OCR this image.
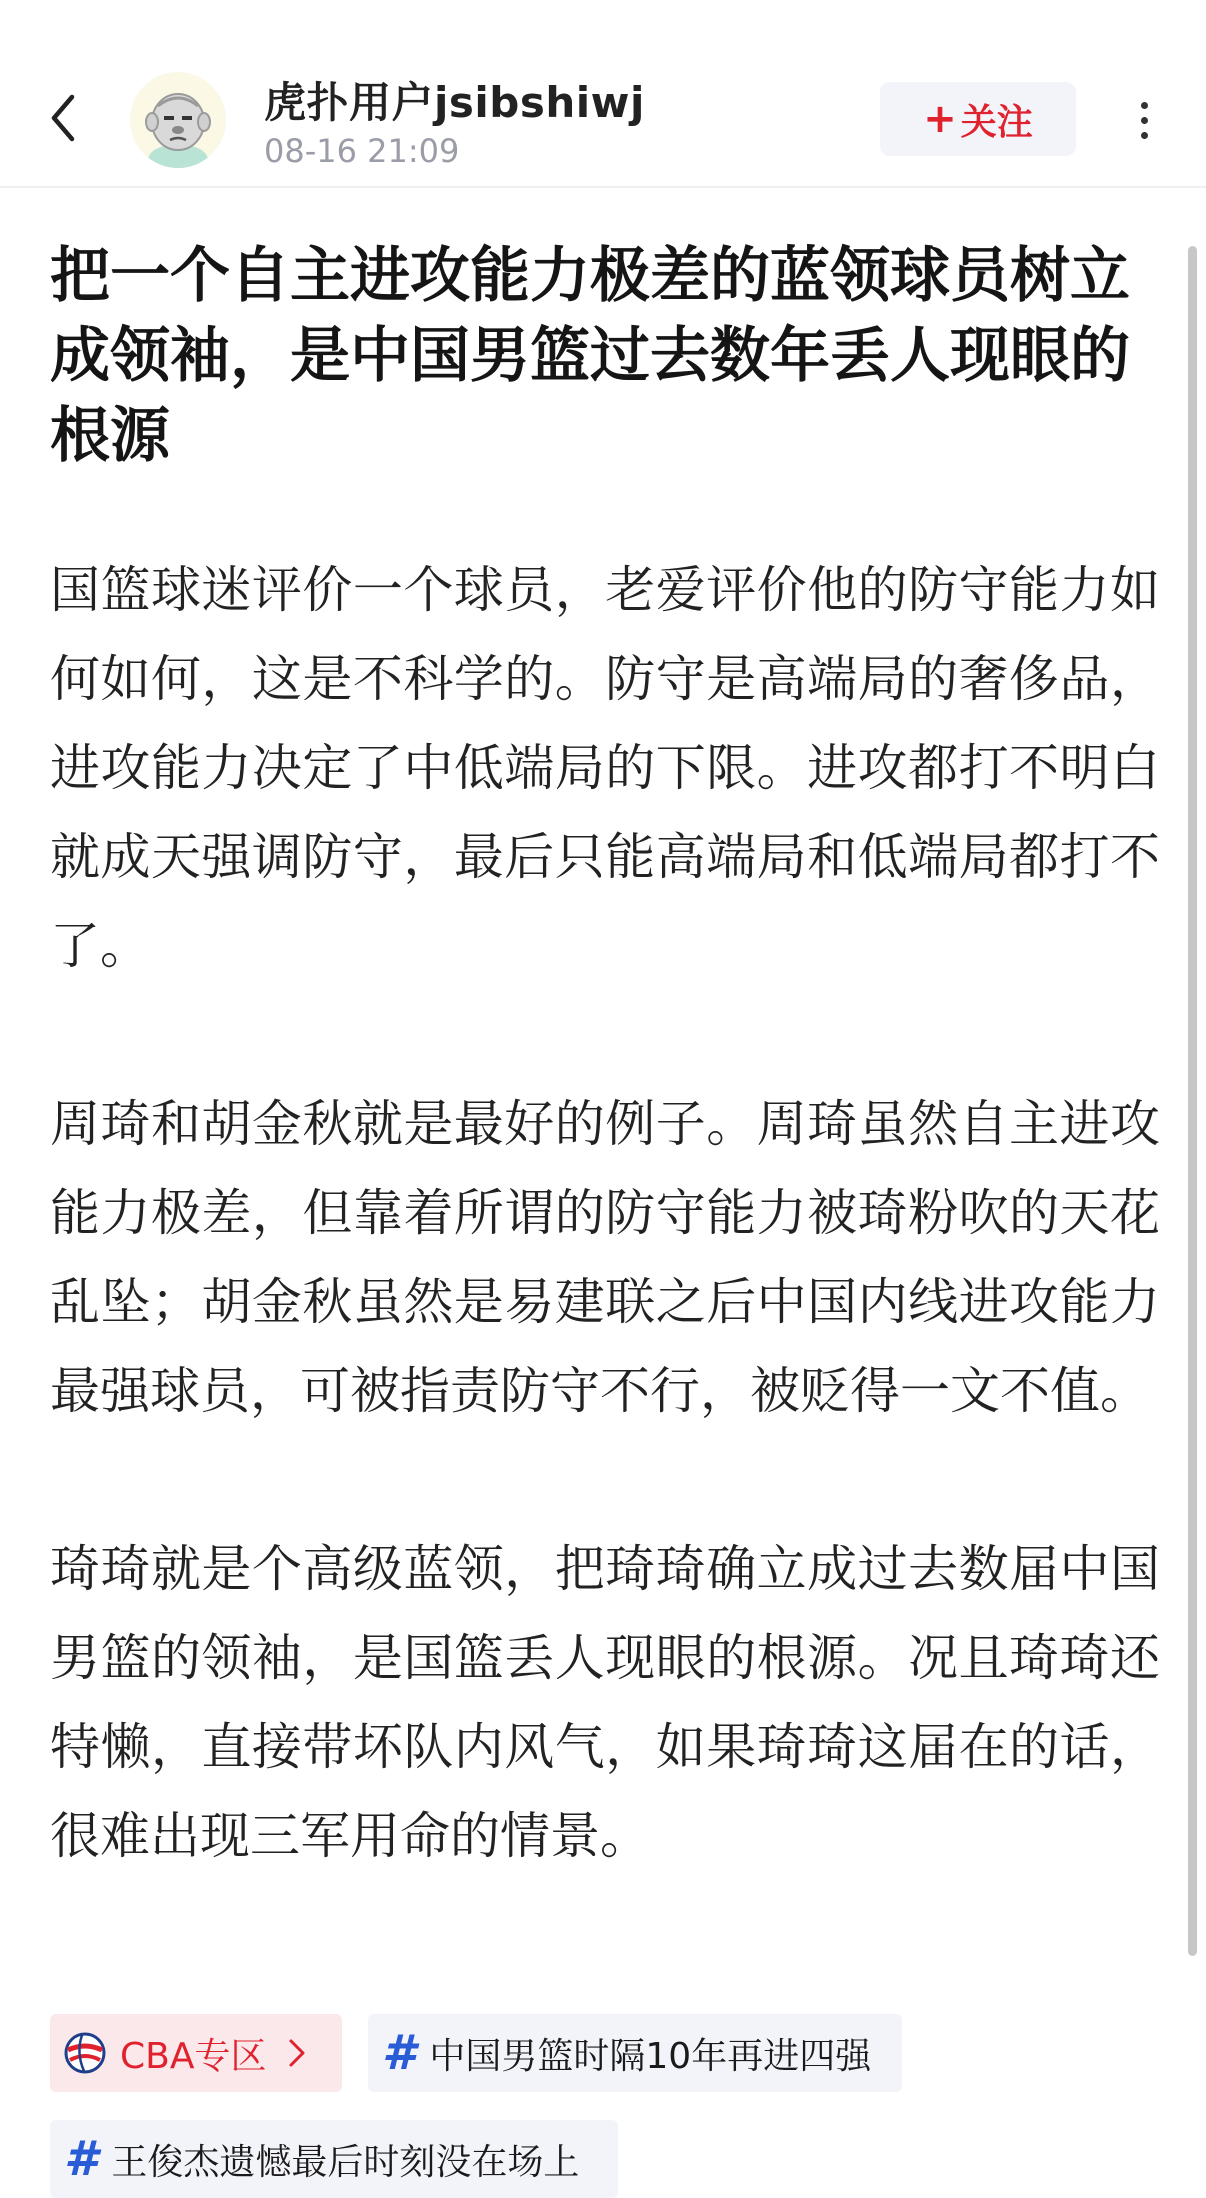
虎扑用户jsibshiwj
08-16 21:09
+ 关注
把一个自主进攻能力极差的蓝领球员树立成领袖，是中国男篮过去数年丢人现眼的根源

国篮球迷评价一个球员，老爱评价他的防守能力如何如何，这是不科学的。防守是高端局的奢侈品，进攻能力决定了中低端局的下限。进攻都打不明白就成天强调防守，最后只能高端局和低端局都打不了。

周琦和胡金秋就是最好的例子。周琦虽然自主进攻能力极差，但靠着所谓的防守能力被琦粉吹的天花乱坠；胡金秋虽然是易建联之后中国内线进攻能力最强球员，可被指责防守不行，被贬得一文不值。

琦琦就是个高级蓝领，把琦琦确立成过去数届中国男篮的领袖，是国篮丢人现眼的根源。况且琦琦还特懒，直接带坏队内风气，如果琦琦这届在的话，很难出现三军用命的情景。

CBA专区 # 中国男篮时隔10年再进四强
# 王俊杰遗憾最后时刻没在场上
